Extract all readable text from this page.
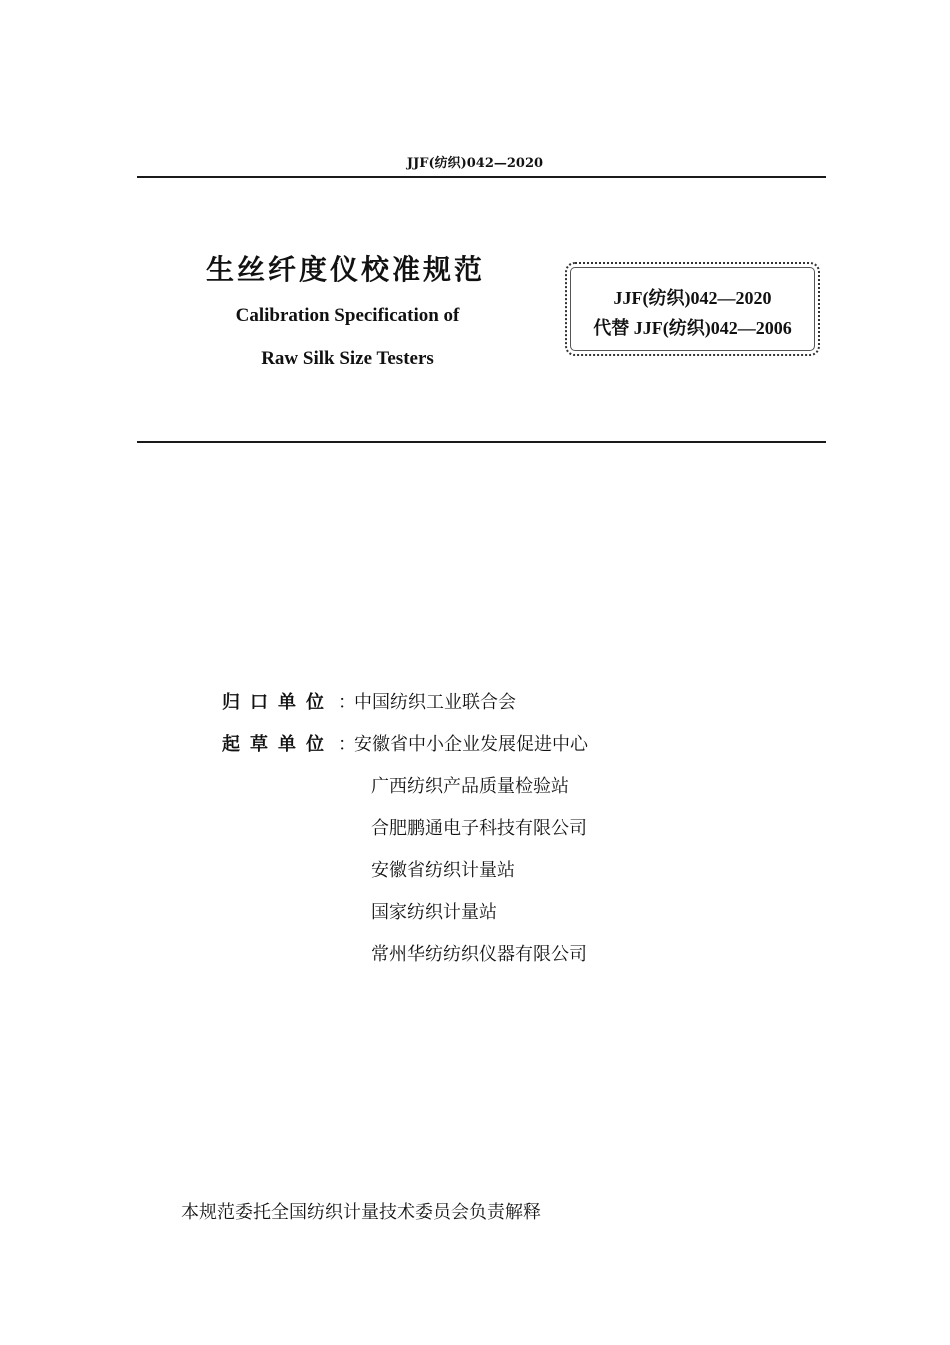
JJF(纺织)042—2020
生丝纤度仪校准规范
Calibration Specification of
Raw Silk Size Testers
JJF(纺织)042—2020
代替 JJF(纺织)042—2006
归口单位 ：中国纺织工业联合会
起草单位 ：安徽省中小企业发展促进中心
广西纺织产品质量检验站
合肥鹏通电子科技有限公司
安徽省纺织计量站
国家纺织计量站
常州华纺纺织仪器有限公司
本规范委托全国纺织计量技术委员会负责解释
